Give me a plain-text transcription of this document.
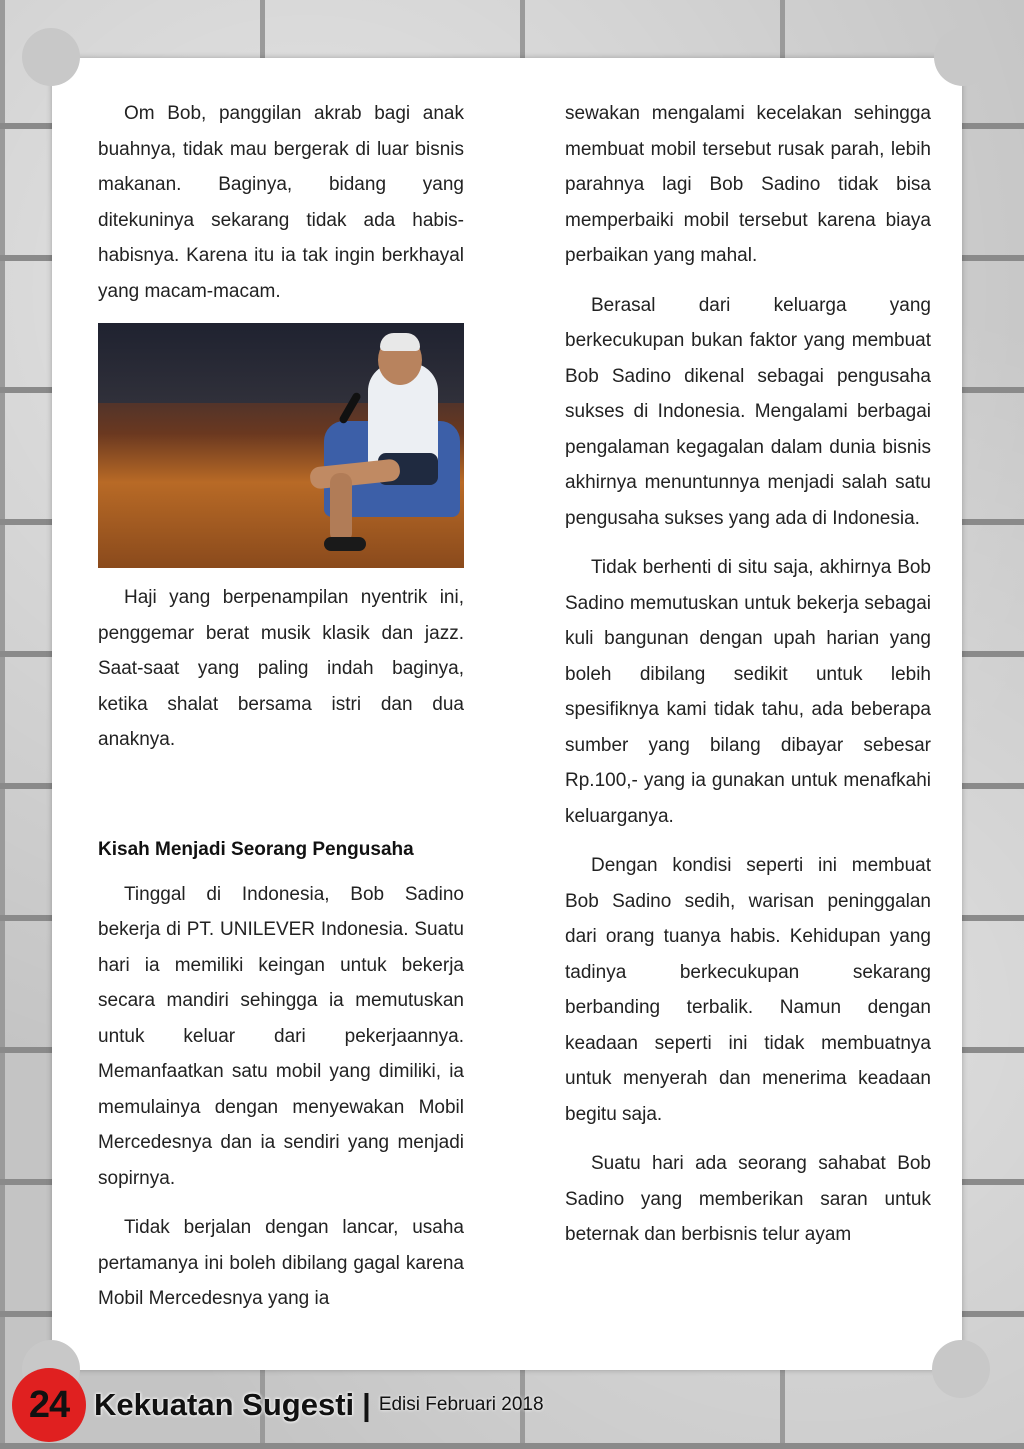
Om Bob, panggilan akrab bagi anak buahnya, tidak mau bergerak di luar bisnis makanan. Baginya, bidang yang ditekuninya sekarang tidak ada habis-habisnya. Karena itu ia tak ingin berkhayal yang macam-macam.

Haji yang berpenampilan nyentrik ini, penggemar berat musik klasik dan jazz. Saat-saat yang paling indah baginya, ketika shalat bersama istri dan dua anaknya.

Kisah Menjadi Seorang Pengusaha

Tinggal di Indonesia, Bob Sadino bekerja di PT. UNILEVER Indonesia. Suatu hari ia memiliki keingan untuk bekerja secara mandiri sehingga ia memutuskan untuk keluar dari pekerjaannya. Memanfaatkan satu mobil yang dimiliki, ia memulainya dengan menyewakan Mobil Mercedesnya dan ia sendiri yang menjadi sopirnya.

Tidak berjalan dengan lancar, usaha pertamanya ini boleh dibilang gagal karena Mobil Mercedesnya yang ia

sewakan mengalami kecelakan sehingga membuat mobil tersebut rusak parah, lebih parahnya lagi Bob Sadino tidak bisa memperbaiki mobil tersebut karena biaya perbaikan yang mahal.

Berasal dari keluarga yang berkecukupan bukan faktor yang membuat Bob Sadino dikenal sebagai pengusaha sukses di Indonesia. Mengalami berbagai pengalaman kegagalan dalam dunia bisnis akhirnya menuntunnya menjadi salah satu pengusaha sukses yang ada di Indonesia.

Tidak berhenti di situ saja, akhirnya Bob Sadino memutuskan untuk bekerja sebagai kuli bangunan dengan upah harian yang boleh dibilang sedikit untuk lebih spesifiknya kami tidak tahu, ada beberapa sumber yang bilang dibayar sebesar Rp.100,- yang ia gunakan untuk menafkahi keluarganya.

Dengan kondisi seperti ini membuat Bob Sadino sedih, warisan peninggalan dari orang tuanya habis. Kehidupan yang tadinya berkecukupan sekarang berbanding terbalik. Namun dengan keadaan seperti ini tidak membuatnya untuk menyerah dan menerima keadaan begitu saja.

Suatu hari ada seorang sahabat Bob Sadino yang memberikan saran untuk beternak dan berbisnis telur ayam

24 Kekuatan Sugesti | Edisi Februari 2018
